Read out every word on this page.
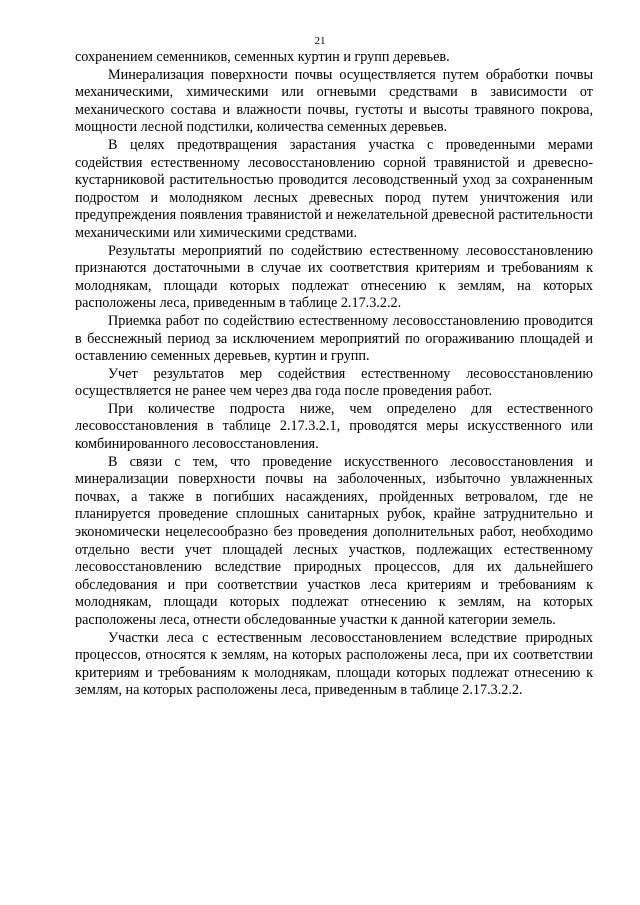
21

сохранением семенников, семенных куртин и групп деревьев.

Минерализация поверхности почвы осуществляется путем обработки почвы механическими, химическими или огневыми средствами в зависимости от механического состава и влажности почвы, густоты и высоты травяного покрова, мощности лесной подстилки, количества семенных деревьев.

В целях предотвращения зарастания участка с проведенными мерами содействия естественному лесовосстановлению сорной травянистой и древесно-кустарниковой растительностью проводится лесоводственный уход за сохраненным подростом и молодняком лесных древесных пород путем уничтожения или предупреждения появления травянистой и нежелательной древесной растительности механическими или химическими средствами.

Результаты мероприятий по содействию естественному лесовосстановлению признаются достаточными в случае их соответствия критериям и требованиям к молоднякам, площади которых подлежат отнесению к землям, на которых расположены леса, приведенным в таблице 2.17.3.2.2.

Приемка работ по содействию естественному лесовосстановлению проводится в бесснежный период за исключением мероприятий по огораживанию площадей и оставлению семенных деревьев, куртин и групп.

Учет результатов мер содействия естественному лесовосстановлению осуществляется не ранее чем через два года после проведения работ.

При количестве подроста ниже, чем определено для естественного лесовосстановления в таблице 2.17.3.2.1, проводятся меры искусственного или комбинированного лесовосстановления.

В связи с тем, что проведение искусственного лесовосстановления и минерализации поверхности почвы на заболоченных, избыточно увлажненных почвах, а также в погибших насаждениях, пройденных ветровалом, где не планируется проведение сплошных санитарных рубок, крайне затруднительно и экономически нецелесообразно без проведения дополнительных работ, необходимо отдельно вести учет площадей лесных участков, подлежащих естественному лесовосстановлению вследствие природных процессов, для их дальнейшего обследования и при соответствии участков леса критериям и требованиям к молоднякам, площади которых подлежат отнесению к землям, на которых расположены леса, отнести обследованные участки к данной категории земель.

Участки леса с естественным лесовосстановлением вследствие природных процессов, относятся к землям, на которых расположены леса, при их соответствии критериям и требованиям к молоднякам, площади которых подлежат отнесению к землям, на которых расположены леса, приведенным в таблице 2.17.3.2.2.
